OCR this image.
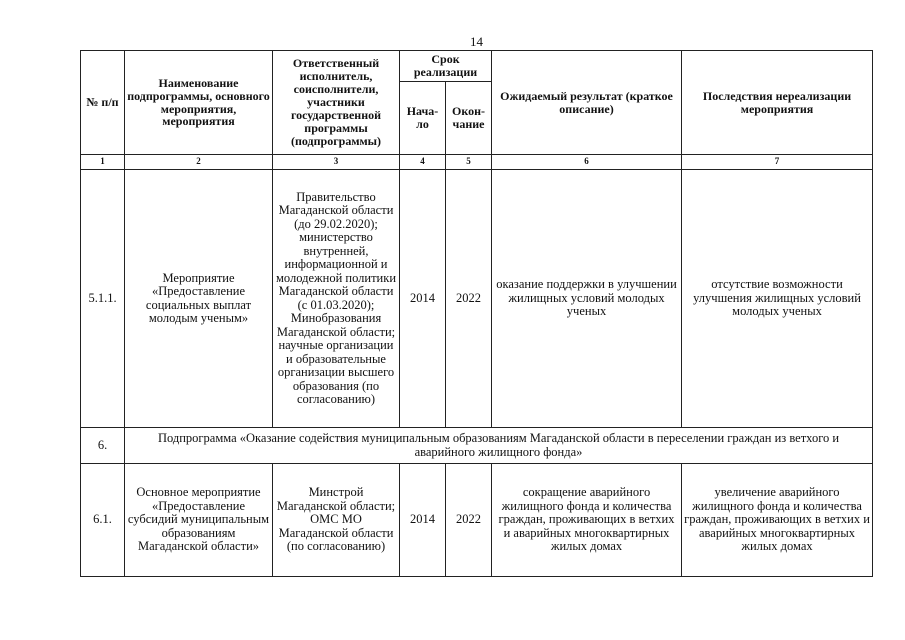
14
№ п/п	Наименование подпрограммы, основного мероприятия, мероприятия	Ответственный исполнитель, соисполнители, участники государственной программы (подпрограммы)	Срок реализации		Ожидаемый результат (краткое описание)	Последствия нереализации мероприятия
			Нача-ло	Окон-чание		
1	2	3	4	5	6	7
5.1.1.	Мероприятие «Предоставление социальных выплат молодым ученым»	Правительство Магаданской области (до 29.02.2020); министерство внутренней, информационной и молодежной политики Магаданской области (с 01.03.2020); Минобразования Магаданской области; научные организации и образовательные организации высшего образования (по согласованию)	2014	2022	оказание поддержки в улучшении жилищных условий молодых ученых	отсутствие возможности улучшения жилищных условий молодых ученых
6.	Подпрограмма «Оказание содействия муниципальным образованиям Магаданской области в переселении граждан из ветхого и аварийного жилищного фонда»					
6.1.	Основное мероприятие «Предоставление субсидий муниципальным образованиям Магаданской области»	Минстрой Магаданской области; ОМС МО Магаданской области (по согласованию)	2014	2022	сокращение аварийного жилищного фонда и количества граждан, проживающих в ветхих и аварийных многоквартирных жилых домах	увеличение аварийного жилищного фонда и количества граждан, проживающих в ветхих и аварийных многоквартирных жилых домах
